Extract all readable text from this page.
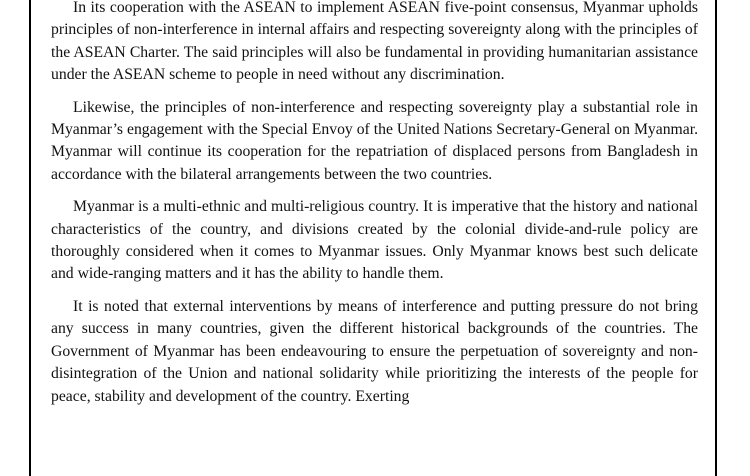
In its cooperation with the ASEAN to implement ASEAN five-point consensus, Myanmar upholds principles of non-interference in internal affairs and respecting sovereignty along with the principles of the ASEAN Charter. The said principles will also be fundamental in providing humanitarian assistance under the ASEAN scheme to people in need without any discrimination.

Likewise, the principles of non-interference and respecting sovereignty play a substantial role in Myanmar’s engagement with the Special Envoy of the United Nations Secretary-General on Myanmar. Myanmar will continue its cooperation for the repatriation of displaced persons from Bangladesh in accordance with the bilateral arrangements between the two countries.

Myanmar is a multi-ethnic and multi-religious country. It is imperative that the history and national characteristics of the country, and divisions created by the colonial divide-and-rule policy are thoroughly considered when it comes to Myanmar issues. Only Myanmar knows best such delicate and wide-ranging matters and it has the ability to handle them.

It is noted that external interventions by means of interference and putting pressure do not bring any success in many countries, given the different historical backgrounds of the countries. The Government of Myanmar has been endeavouring to ensure the perpetuation of sovereignty and non-disintegration of the Union and national solidarity while prioritizing the interests of the people for peace, stability and development of the country. Exerting
